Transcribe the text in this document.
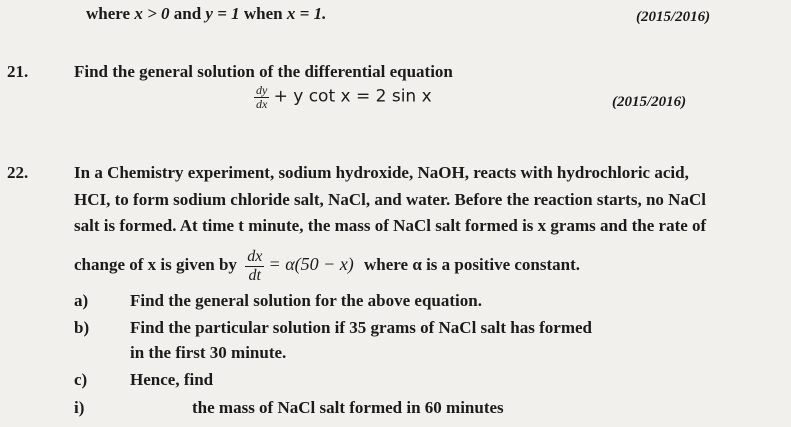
where x > 0 and y = 1 when x = 1.	(2015/2016)
21.	Find the general solution of the differential equation
$\frac{dy}{dx} + y$ cot x = 2 sin x	(2015/2016)
22.	In a Chemistry experiment, sodium hydroxide, NaOH, reacts with hydrochloric acid,
HCI, to form sodium chloride salt, NaCl, and water. Before the reaction starts, no NaCl
salt is formed. At time t minute, the mass of NaCl salt formed is x grams and the rate of
change of x is given by $\frac{dx}{dt} = \alpha(50 - x)$ where α is a positive constant.
a) Find the general solution for the above equation.
b) Find the particular solution if 35 grams of NaCl salt has formed
in the first 30 minute.
c)	Hence, find
i)	the mass of NaCl salt formed in 60 minutes
